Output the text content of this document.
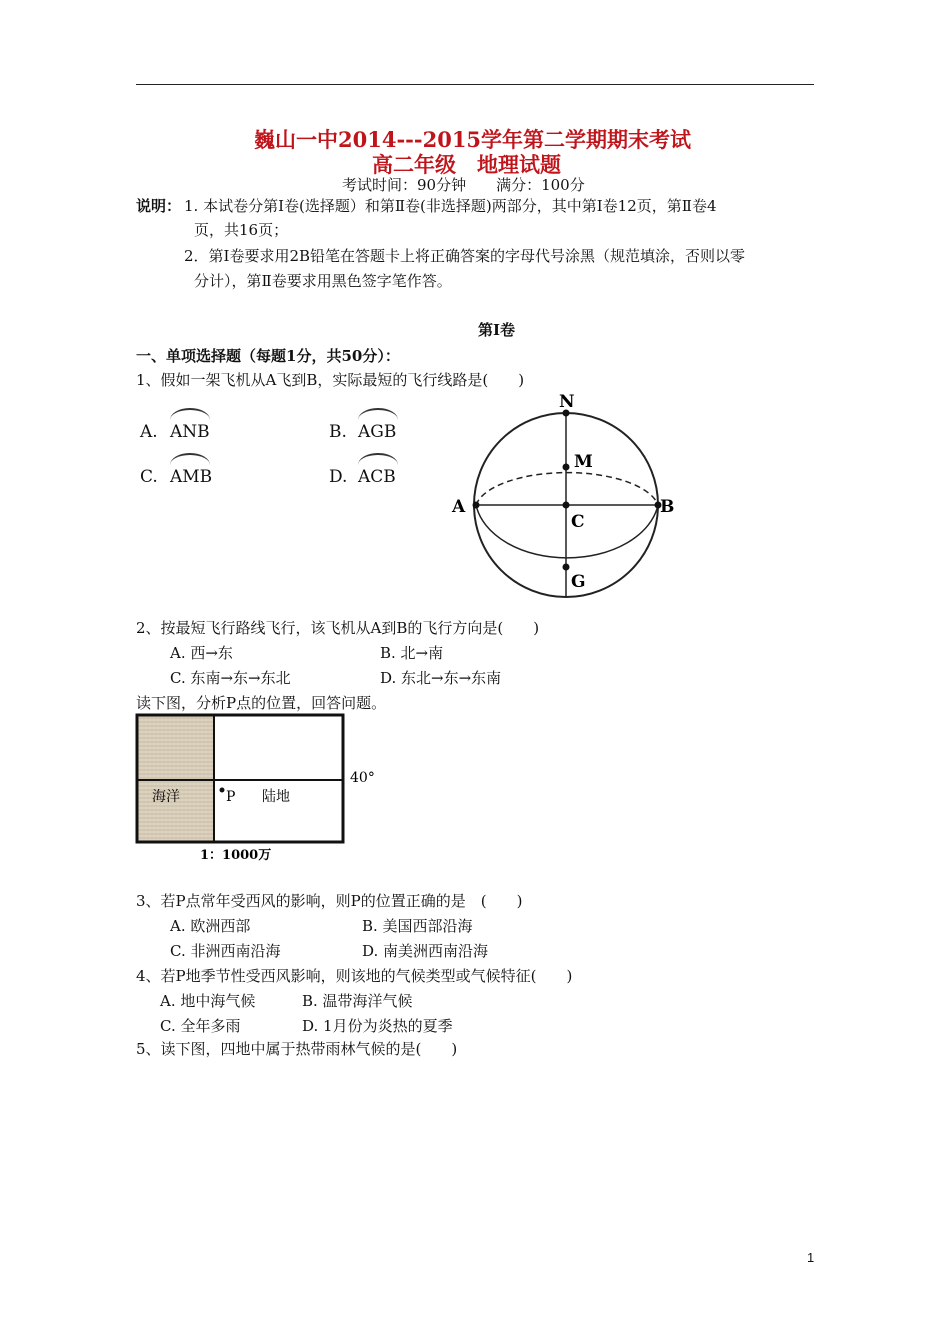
巍山一中2014---2015学年第二学期期末考试
高二年级　地理试题
考试时间：90分钟　　满分：100分
说明： 1. 本试卷分第Ⅰ卷(选择题）和第Ⅱ卷(非选择题)两部分，其中第Ⅰ卷12页，第Ⅱ卷4
页，共16页；
2．第Ⅰ卷要求用2B铅笔在答题卡上将正确答案的字母代号涂黑（规范填涂，否则以零
分计），第Ⅱ卷要求用黑色签字笔作答。
第Ⅰ卷
一、单项选择题（每题1分，共50分）：
1、假如一架飞机从A飞到B，实际最短的飞行线路是(　　)
A. ANB	B. AGB
C. AMB	D. ACB
N
M
A	B
C
G
2、按最短飞行路线飞行，该飞机从A到B的飞行方向是(　　)
A. 西→东	B. 北→南
C. 东南→东→东北	D. 东北→东→东南
读下图，分析P点的位置，回答问题。
海洋	P 陆地
40°
1：1000万
3、若P点常年受西风的影响，则P的位置正确的是　(　　)
A. 欧洲西部	B. 美国西部沿海
C. 非洲西南沿海	D. 南美洲西南沿海
4、若P地季节性受西风影响，则该地的气候类型或气候特征(　　)
A. 地中海气候	B. 温带海洋气候
C. 全年多雨	D. 1月份为炎热的夏季
5、读下图，四地中属于热带雨林气候的是(　　)
1
